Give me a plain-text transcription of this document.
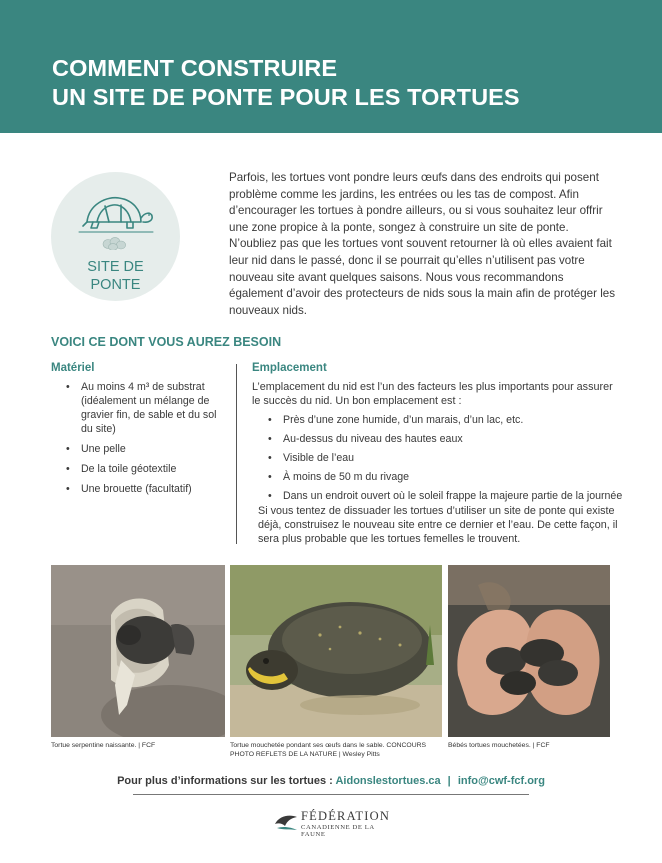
COMMENT CONSTRUIRE
UN SITE DE PONTE POUR LES TORTUES
SITE DE
PONTE

Parfois, les tortues vont pondre leurs œufs dans des endroits qui posent problème comme les jardins, les entrées ou les tas de compost. Afin d’encourager les tortues à pondre ailleurs, ou si vous souhaitez leur offrir une zone propice à la ponte, songez à construire un site de ponte. N’oubliez pas que les tortues vont souvent retourner là où elles avaient fait leur nid dans le passé, donc il se pourrait qu’elles n’utilisent pas votre nouveau site avant quelques saisons. Nous vous recommandons également d’avoir des protecteurs de nids sous la main afin de protéger les nouveaux nids.

VOICI CE DONT VOUS AUREZ BESOIN
Matériel
• Au moins 4 m³ de substrat (idéalement un mélange de gravier fin, de sable et du sol du site)
• Une pelle
• De la toile géotextile
• Une brouette (facultatif)
Emplacement

L’emplacement du nid est l’un des facteurs les plus importants pour assurer le succès du nid. Un bon emplacement est :

• Près d’une zone humide, d’un marais, d’un lac, etc.
• Au-dessus du niveau des hautes eaux
• Visible de l’eau
• À moins de 50 m du rivage
• Dans un endroit ouvert où le soleil frappe la majeure partie de la journée

Si vous tentez de dissuader les tortues d’utiliser un site de ponte qui existe déjà, construisez le nouveau site entre ce dernier et l’eau. De cette façon, il sera plus probable que les tortues femelles le trouvent.

Tortue serpentine naissante. | FCF	Tortue mouchetée pondant ses œufs dans le sable. CONCOURS PHOTO REFLETS DE LA NATURE | Wesley Pitts
Bébés tortues mouchetées. | FCF
Pour plus d’informations sur les tortues : Aidonslestortues.ca | info@cwf-fcf.org
FÉDÉRATION
CANADIENNE DE LA FAUNE
